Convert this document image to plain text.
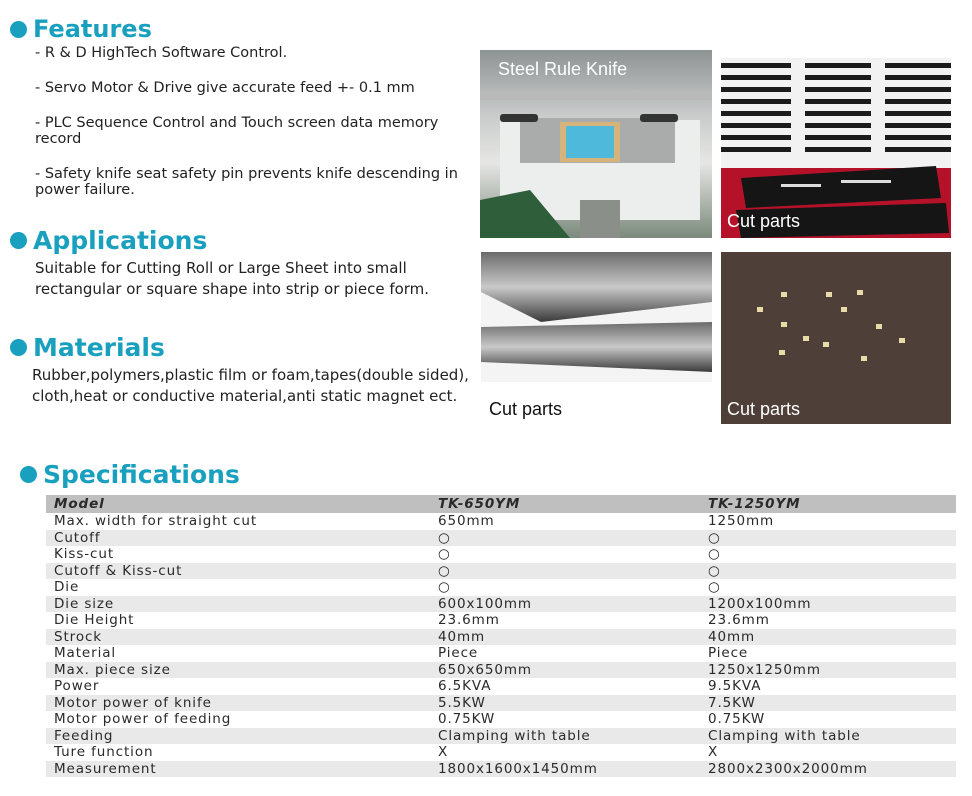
Features
- R & D HighTech Software Control.
- Servo Motor & Drive give accurate feed +- 0.1 mm
- PLC Sequence Control and Touch screen data memory
record
- Safety knife seat safety pin prevents knife descending in
power failure.
Applications
Suitable for Cutting Roll or Large Sheet into small
rectangular or square shape into strip or piece form.
Materials
Rubber,polymers,plastic film or foam,tapes(double sided),
cloth,heat or conductive material,anti static magnet ect.
Steel Rule Knife
Cut parts
Cut parts	Cut parts
Specifications
Model	TK-650YM	TK-1250YM
Max. width for straight cut	650mm	1250mm
Cutoff	○	○
Kiss-cut	○	○
Cutoff & Kiss-cut	○	○
Die	○	○
Die size	600x100mm	1200x100mm
Die Height	23.6mm	23.6mm
Strock	40mm	40mm
Material	Piece	Piece
Max. piece size	650x650mm	1250x1250mm
Power	6.5KVA	9.5KVA
Motor power of knife	5.5KW	7.5KW
Motor power of feeding	0.75KW	0.75KW
Feeding	Clamping with table	Clamping with table
Ture function	X	X
Measurement	1800x1600x1450mm	2800x2300x2000mm
